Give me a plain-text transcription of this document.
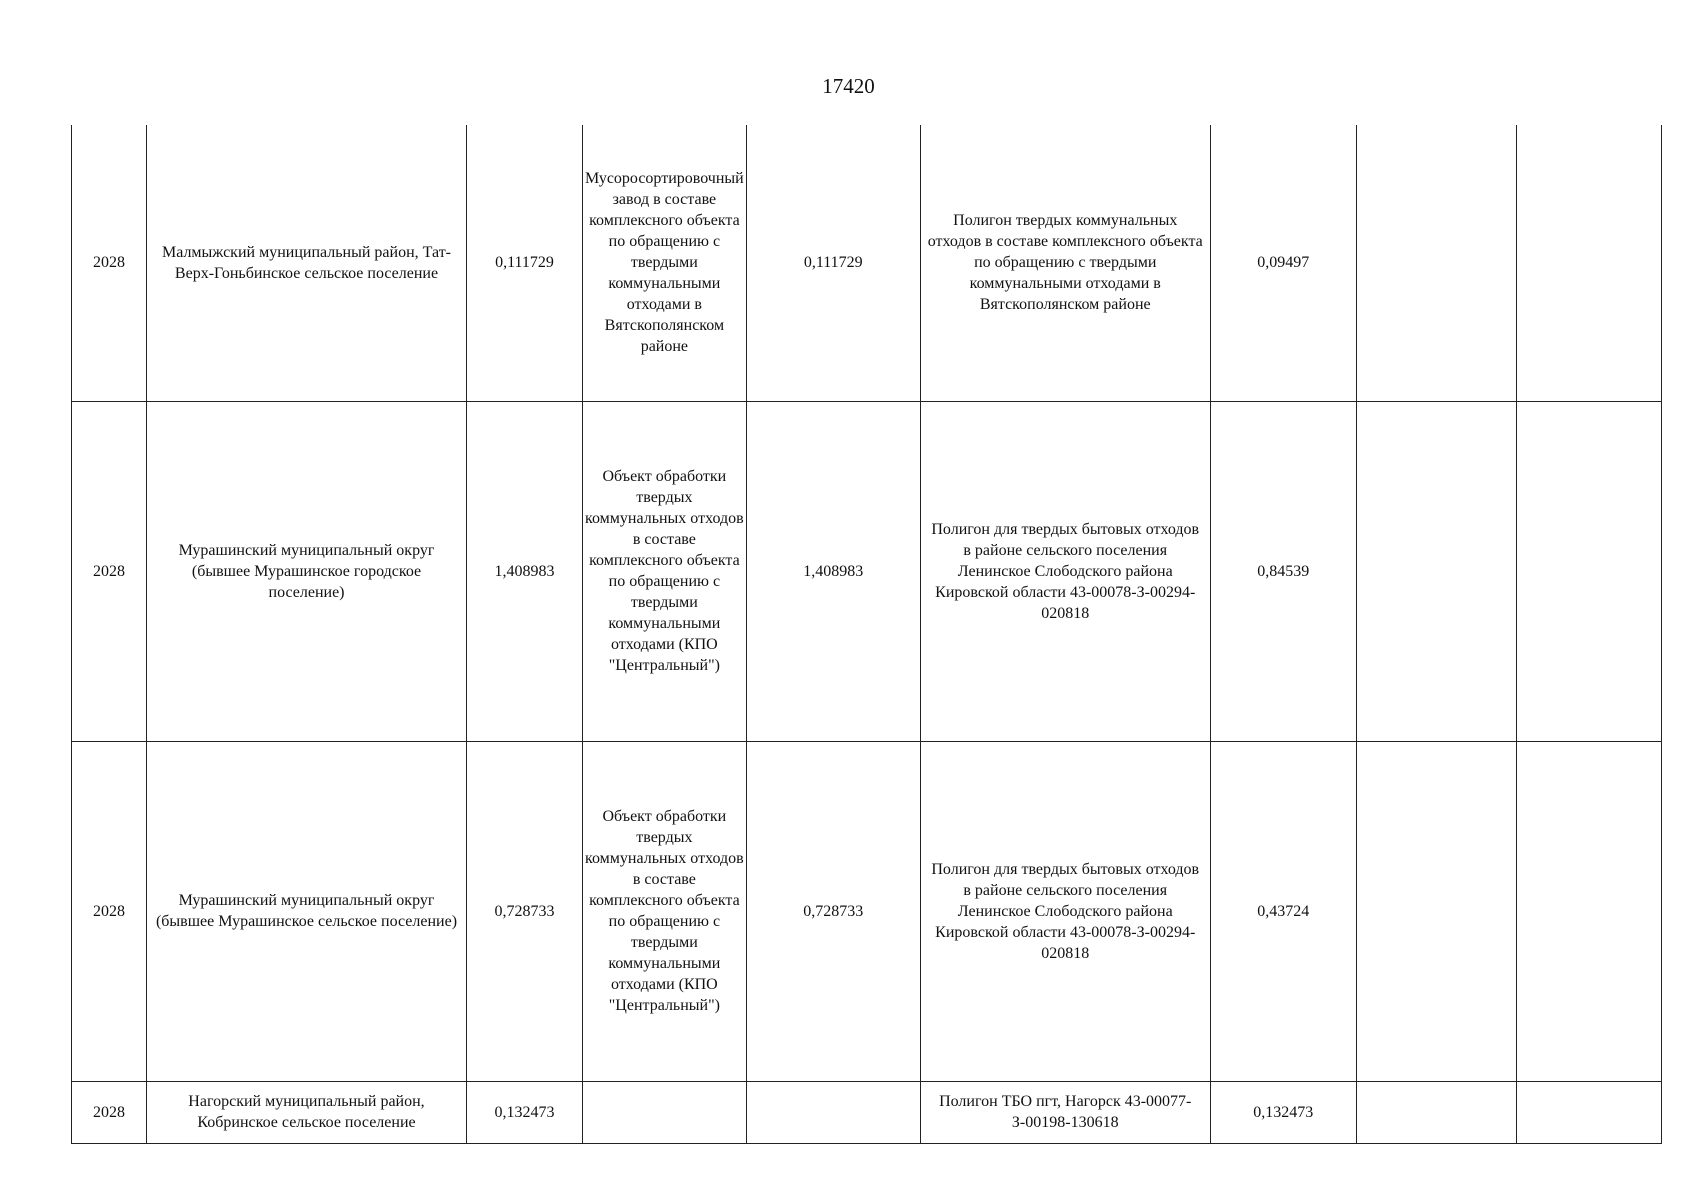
17420
2028	Малмыжский муниципальный район, Тат-Верх-Гоньбинское сельское поселение	0,111729	Мусоросортировочный завод в составе комплексного объекта по обращению с твердыми коммунальными отходами в Вятскополянском районе	0,111729	Полигон твердых коммунальных отходов в составе комплексного объекта по обращению с твердыми коммунальными отходами в Вятскополянском районе	0,09497		
2028	Мурашинский муниципальный округ (бывшее Мурашинское городское поселение)	1,408983	Объект обработки твердых коммунальных отходов в составе комплексного объекта по обращению с твердыми коммунальными отходами (КПО "Центральный")	1,408983	Полигон для твердых бытовых отходов в районе сельского поселения Ленинское Слободского района Кировской области 43-00078-З-00294-020818	0,84539		
2028	Мурашинский муниципальный округ (бывшее Мурашинское сельское поселение)	0,728733	Объект обработки твердых коммунальных отходов в составе комплексного объекта по обращению с твердыми коммунальными отходами (КПО "Центральный")	0,728733	Полигон для твердых бытовых отходов в районе сельского поселения Ленинское Слободского района Кировской области 43-00078-З-00294-020818	0,43724		
2028	Нагорский муниципальный район, Кобринское сельское поселение	0,132473			Полигон ТБО пгт, Нагорск 43-00077-З-00198-130618	0,132473		
